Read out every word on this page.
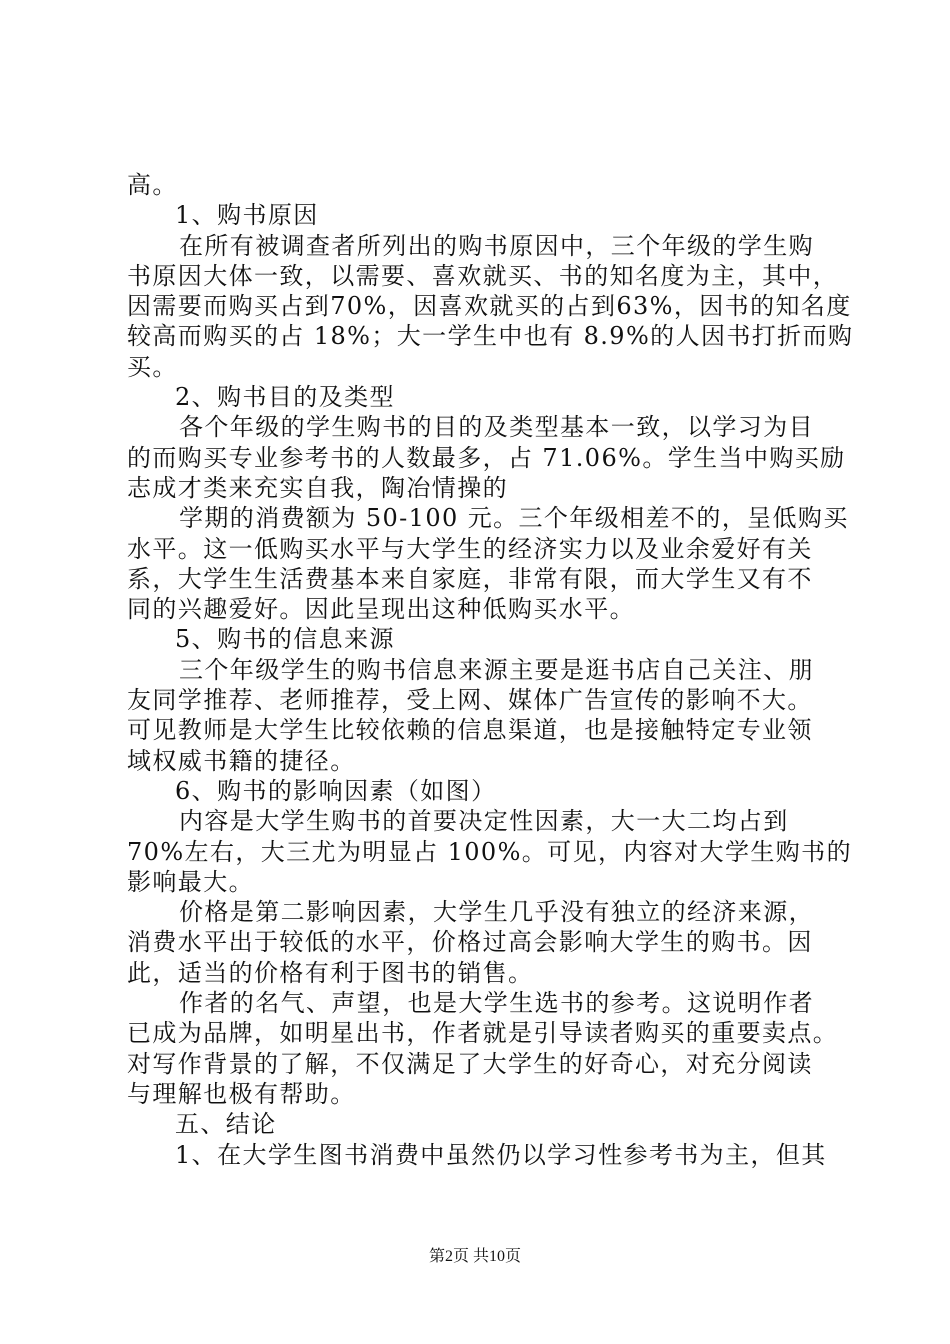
高。
1、购书原因
在所有被调查者所列出的购书原因中，三个年级的学生购
书原因大体一致，以需要、喜欢就买、书的知名度为主，其中，
因需要而购买占到70%，因喜欢就买的占到63%，因书的知名度
较高而购买的占 18%；大一学生中也有 8.9%的人因书打折而购
买。
2、购书目的及类型
各个年级的学生购书的目的及类型基本一致，以学习为目
的而购买专业参考书的人数最多，占 71.06%。学生当中购买励
志成才类来充实自我，陶冶情操的
学期的消费额为 50-100 元。三个年级相差不的，呈低购买
水平。这一低购买水平与大学生的经济实力以及业余爱好有关
系，大学生生活费基本来自家庭，非常有限，而大学生又有不
同的兴趣爱好。因此呈现出这种低购买水平。
5、购书的信息来源
三个年级学生的购书信息来源主要是逛书店自己关注、朋
友同学推荐、老师推荐，受上网、媒体广告宣传的影响不大。
可见教师是大学生比较依赖的信息渠道，也是接触特定专业领
域权威书籍的捷径。
6、购书的影响因素（如图）
内容是大学生购书的首要决定性因素，大一大二均占到
70%左右，大三尤为明显占 100%。可见，内容对大学生购书的
影响最大。
价格是第二影响因素，大学生几乎没有独立的经济来源，
消费水平出于较低的水平，价格过高会影响大学生的购书。因
此，适当的价格有利于图书的销售。
作者的名气、声望，也是大学生选书的参考。这说明作者
已成为品牌，如明星出书，作者就是引导读者购买的重要卖点。
对写作背景的了解，不仅满足了大学生的好奇心，对充分阅读
与理解也极有帮助。
五、结论
1、在大学生图书消费中虽然仍以学习性参考书为主，但其
第2页 共10页
